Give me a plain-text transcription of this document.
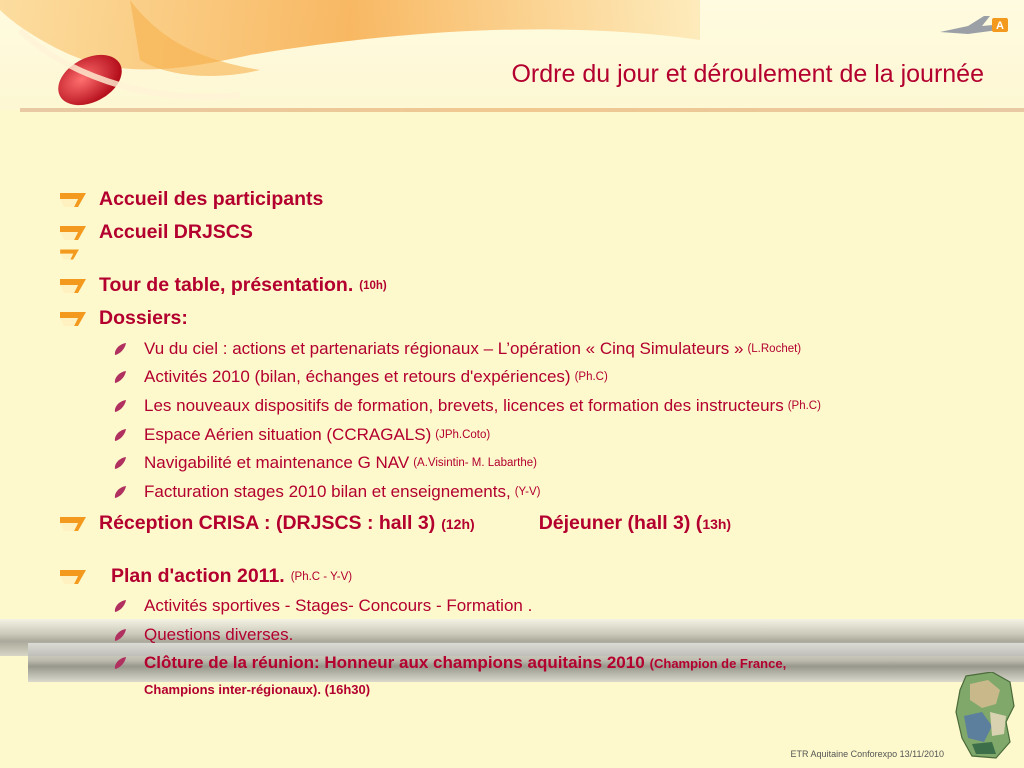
A
Ordre du jour et déroulement de la journée
Accueil des participants
Accueil DRJSCS
Tour de table, présentation. (10h)
Dossiers:
Vu du ciel : actions et partenariats régionaux – L’opération « Cinq Simulateurs » (L.Rochet)
Activités 2010 (bilan, échanges et retours d'expériences) (Ph.C)
Les nouveaux dispositifs de formation, brevets, licences et formation des instructeurs (Ph.C)
Espace Aérien situation (CCRAGALS) (JPh.Coto)
Navigabilité et maintenance G NAV (A.Visintin- M. Labarthe)
Facturation stages 2010 bilan et enseignements, (Y-V)
Réception CRISA : (DRJSCS : hall 3) (12h)	Déjeuner (hall 3) ( 13h)
Plan d'action 2011. (Ph.C - Y-V)
Activités sportives - Stages- Concours - Formation .
Questions diverses.
Clôture de la réunion: Honneur aux champions aquitains 2010 (Champion de France,
Champions inter-régionaux). (16h30)
ETR Aquitaine Conforexpo 13/11/2010
